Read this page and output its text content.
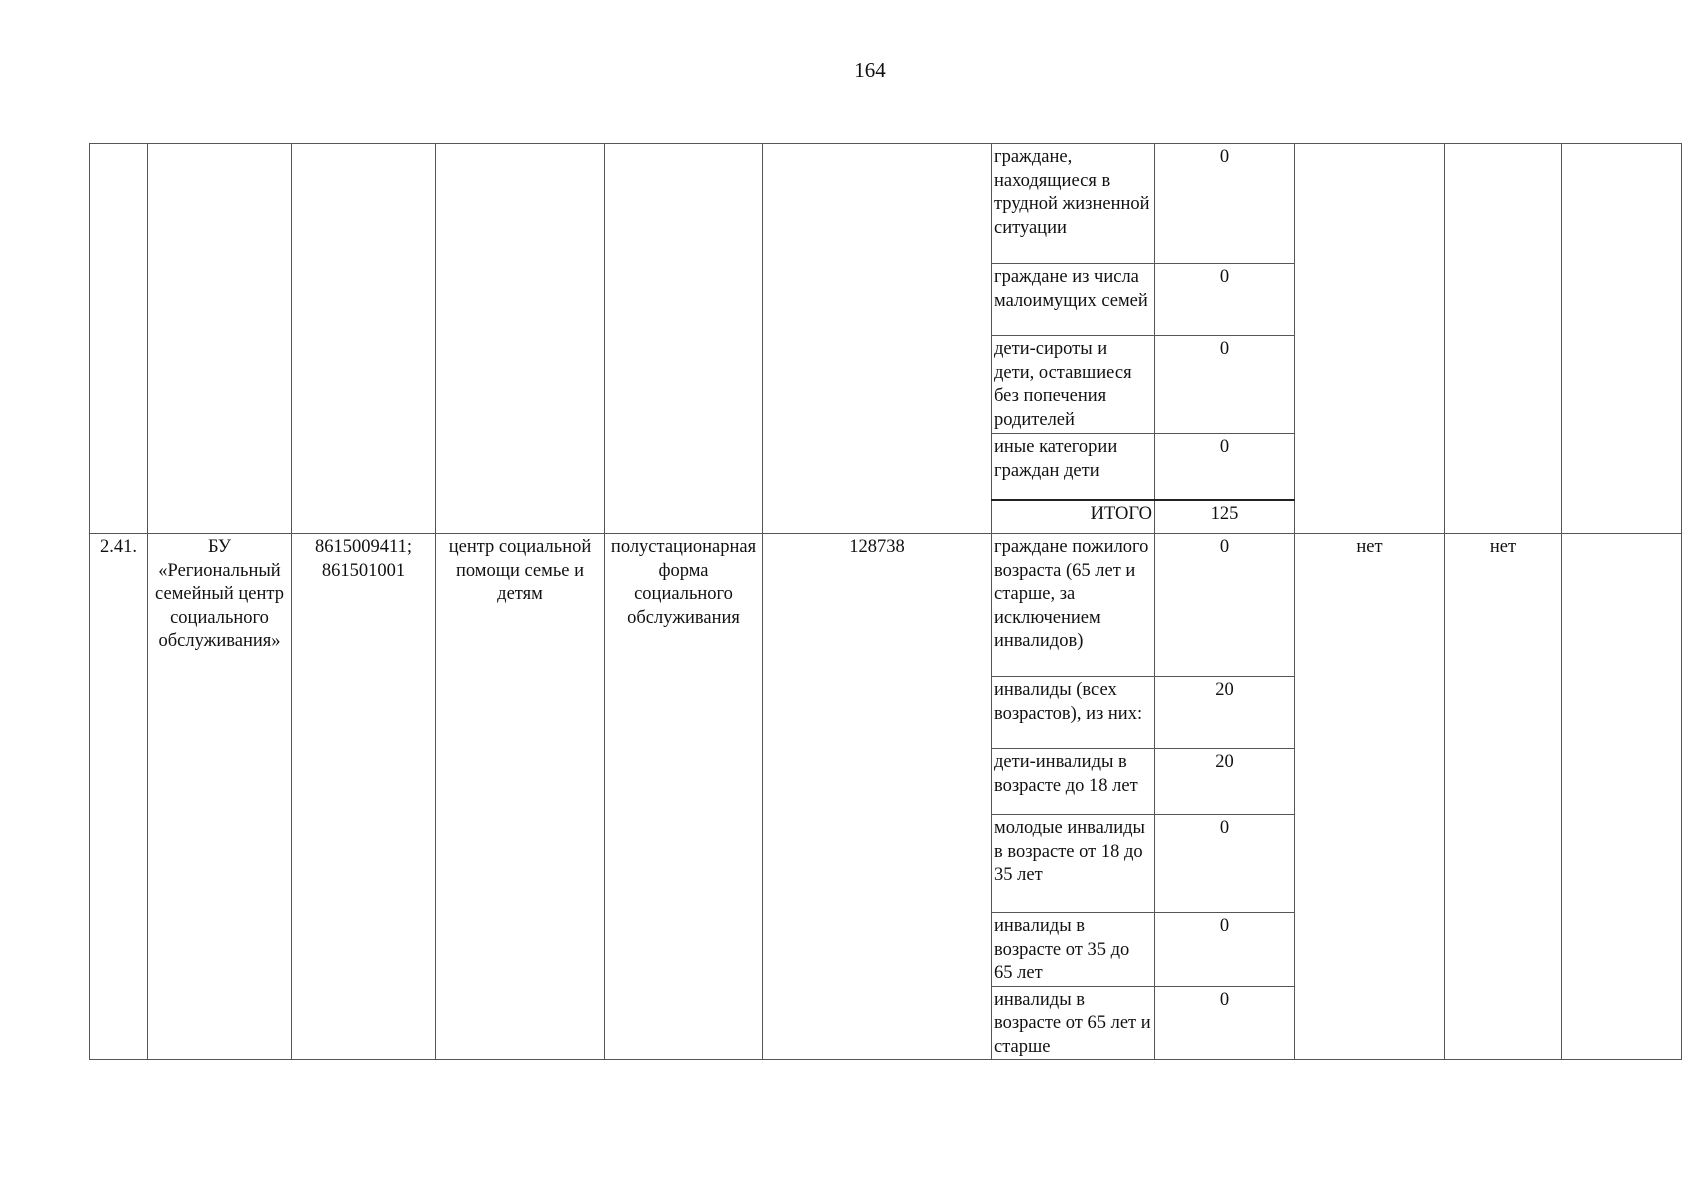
164
						граждане, находящиеся в трудной жизненной ситуации	0			
						граждане из числа малоимущих семей	0			
						дети-сироты и дети, оставшиеся без попечения родителей	0			
						иные категории граждан дети	0			
						ИТОГО	125			
2.41.	БУ «Региональный семейный центр социального обслуживания»	8615009411; 861501001	центр социальной помощи семье и детям	полустационарная форма социального обслуживания	128738	граждане пожилого возраста (65 лет и старше, за исключением инвалидов)	0	нет	нет	
						инвалиды (всех возрастов), из них:	20			
						дети-инвалиды в возрасте до 18 лет	20			
						молодые инвалиды в возрасте от 18 до 35 лет	0			
						инвалиды в возрасте от 35 до 65 лет	0			
						инвалиды в возрасте от 65 лет и старше	0			
